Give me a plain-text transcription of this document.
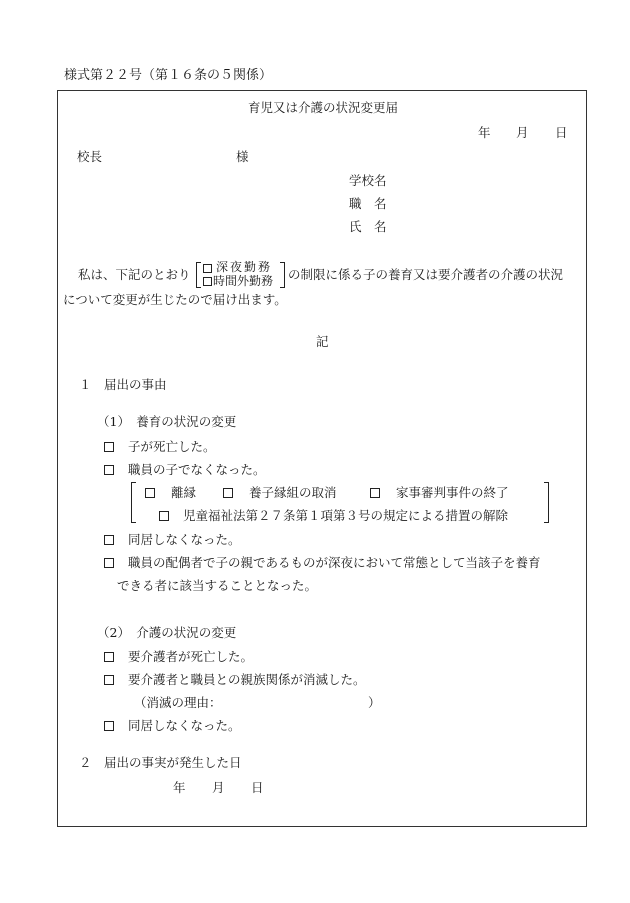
様式第２２号（第１６条の５関係）
育児又は介護の状況変更届
年 月 日
校長	様
学校名
職　名
氏　名
私は、下記のとおり 深夜勤務
時間外勤務 の制限に係る子の養育又は要介護者の介護の状況
について変更が生じたので届け出ます。
記
１　届出の事由
（1）　養育の状況の変更
子が死亡した。
職員の子でなくなった。
離縁	養子縁組の取消	家事審判事件の終了
児童福祉法第２７条第１項第３号の規定による措置の解除
同居しなくなった。
職員の配偶者で子の親であるものが深夜において常態として当該子を養育
できる者に該当することとなった。
（2）　介護の状況の変更
要介護者が死亡した。
要介護者と職員との親族関係が消滅した。
（消滅の理由：	）
同居しなくなった。
２　届出の事実が発生した日
年 月 日
